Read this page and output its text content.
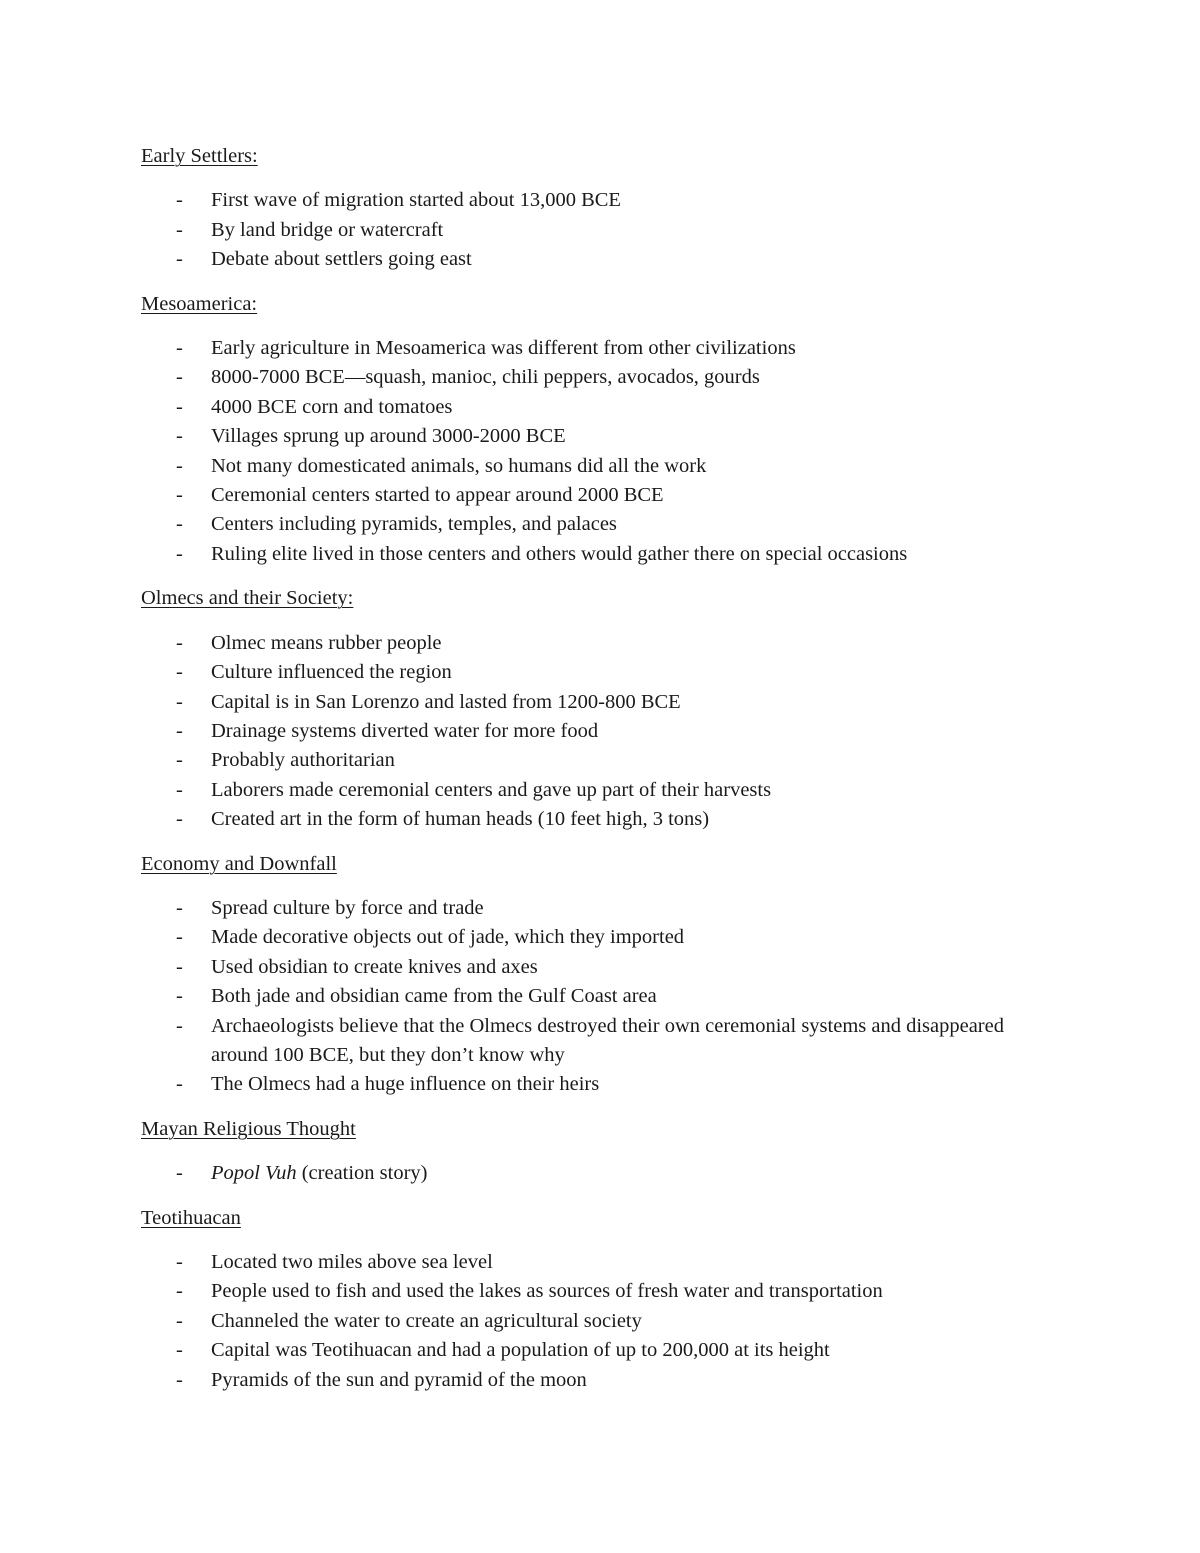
Early Settlers:
- First wave of migration started about 13,000 BCE
- By land bridge or watercraft
- Debate about settlers going east
Mesoamerica:
- Early agriculture in Mesoamerica was different from other civilizations
- 8000-7000 BCE—squash, manioc, chili peppers, avocados, gourds
- 4000 BCE corn and tomatoes
- Villages sprung up around 3000-2000 BCE
- Not many domesticated animals, so humans did all the work
- Ceremonial centers started to appear around 2000 BCE
- Centers including pyramids, temples, and palaces
- Ruling elite lived in those centers and others would gather there on special occasions
Olmecs and their Society:
- Olmec means rubber people
- Culture influenced the region
- Capital is in San Lorenzo and lasted from 1200-800 BCE
- Drainage systems diverted water for more food
- Probably authoritarian
- Laborers made ceremonial centers and gave up part of their harvests
- Created art in the form of human heads (10 feet high, 3 tons)
Economy and Downfall
- Spread culture by force and trade
- Made decorative objects out of jade, which they imported
- Used obsidian to create knives and axes
- Both jade and obsidian came from the Gulf Coast area
- Archaeologists believe that the Olmecs destroyed their own ceremonial systems and disappeared around 100 BCE, but they don’t know why
- The Olmecs had a huge influence on their heirs
Mayan Religious Thought
- Popol Vuh (creation story)
Teotihuacan
- Located two miles above sea level
- People used to fish and used the lakes as sources of fresh water and transportation
- Channeled the water to create an agricultural society
- Capital was Teotihuacan and had a population of up to 200,000 at its height
- Pyramids of the sun and pyramid of the moon
